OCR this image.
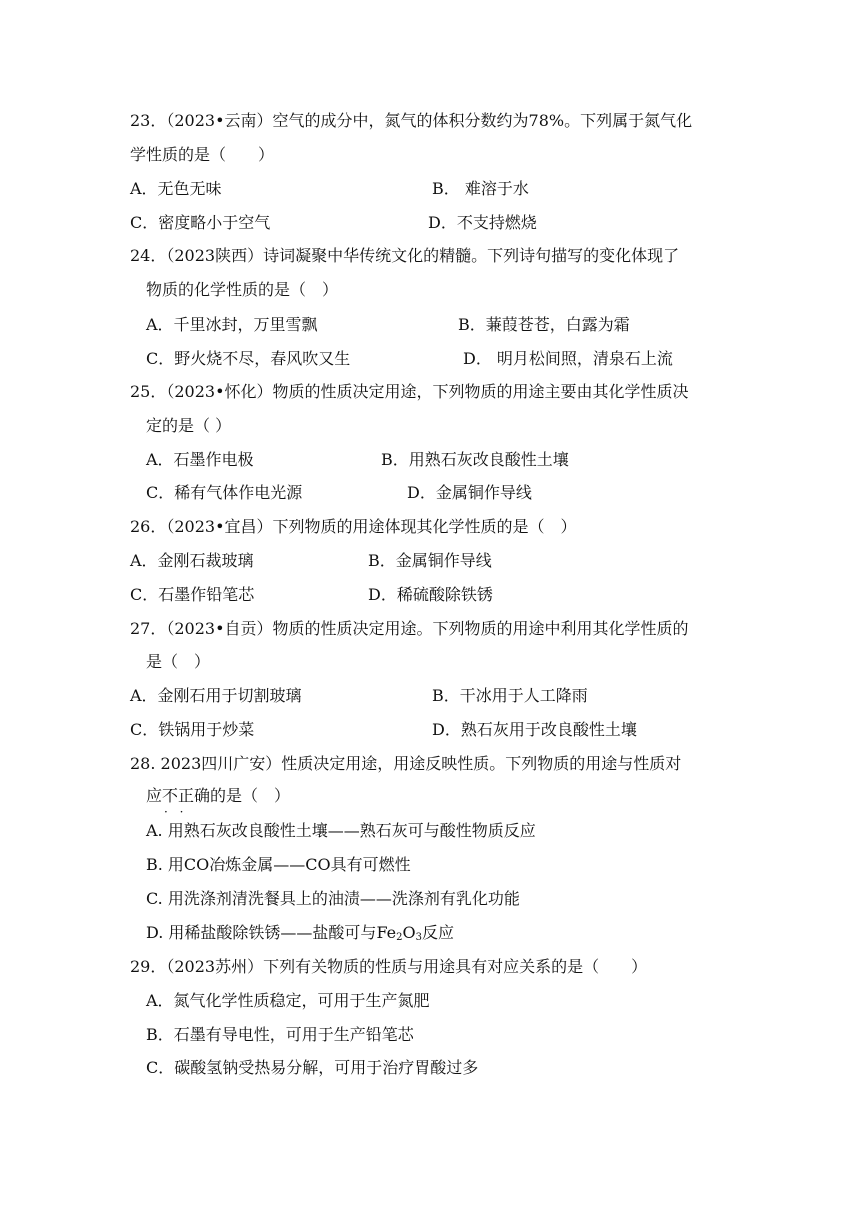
23．（2023•云南）空气的成分中，氮气的体积分数约为78%。下列属于氮气化
学性质的是（　　）
A．无色无味	B． 难溶于水
C．密度略小于空气	D．不支持燃烧
24．（2023陕西）诗词凝聚中华传统文化的精髓。下列诗句描写的变化体现了
物质的化学性质的是（　）
A．千里冰封，万里雪飘	B．蒹葭苍苍，白露为霜
C．野火烧不尽，春风吹又生	D． 明月松间照，清泉石上流
25．（2023•怀化）物质的性质决定用途，下列物质的用途主要由其化学性质决
定的是（ ）
A．石墨作电极	B．用熟石灰改良酸性土壤
C．稀有气体作电光源	D．金属铜作导线
26．（2023•宜昌）下列物质的用途体现其化学性质的是（　）
A．金刚石裁玻璃	B．金属铜作导线
C．石墨作铅笔芯	D．稀硫酸除铁锈
27．（2023•自贡）物质的性质决定用途。下列物质的用途中利用其化学性质的
是（　）
A．金刚石用于切割玻璃	B．干冰用于人工降雨
C．铁锅用于炒菜	D．熟石灰用于改良酸性土壤
28. 2023四川广安）性质决定用途，用途反映性质。下列物质的用途与性质对
应不正 · ·确的是（　）
A. 用熟石灰改良酸性土壤——熟石灰可与酸性物质反应
B. 用CO冶炼金属——CO具有可燃性
C. 用洗涤剂清洗餐具上的油渍——洗涤剂有乳化功能
D. 用稀盐酸除铁锈——盐酸可与$Fe_2O_3$反应
29．（2023苏州）下列有关物质的性质与用途具有对应关系的是（　　）
A．氮气化学性质稳定，可用于生产氮肥
B．石墨有导电性，可用于生产铅笔芯
C．碳酸氢钠受热易分解，可用于治疗胃酸过多
